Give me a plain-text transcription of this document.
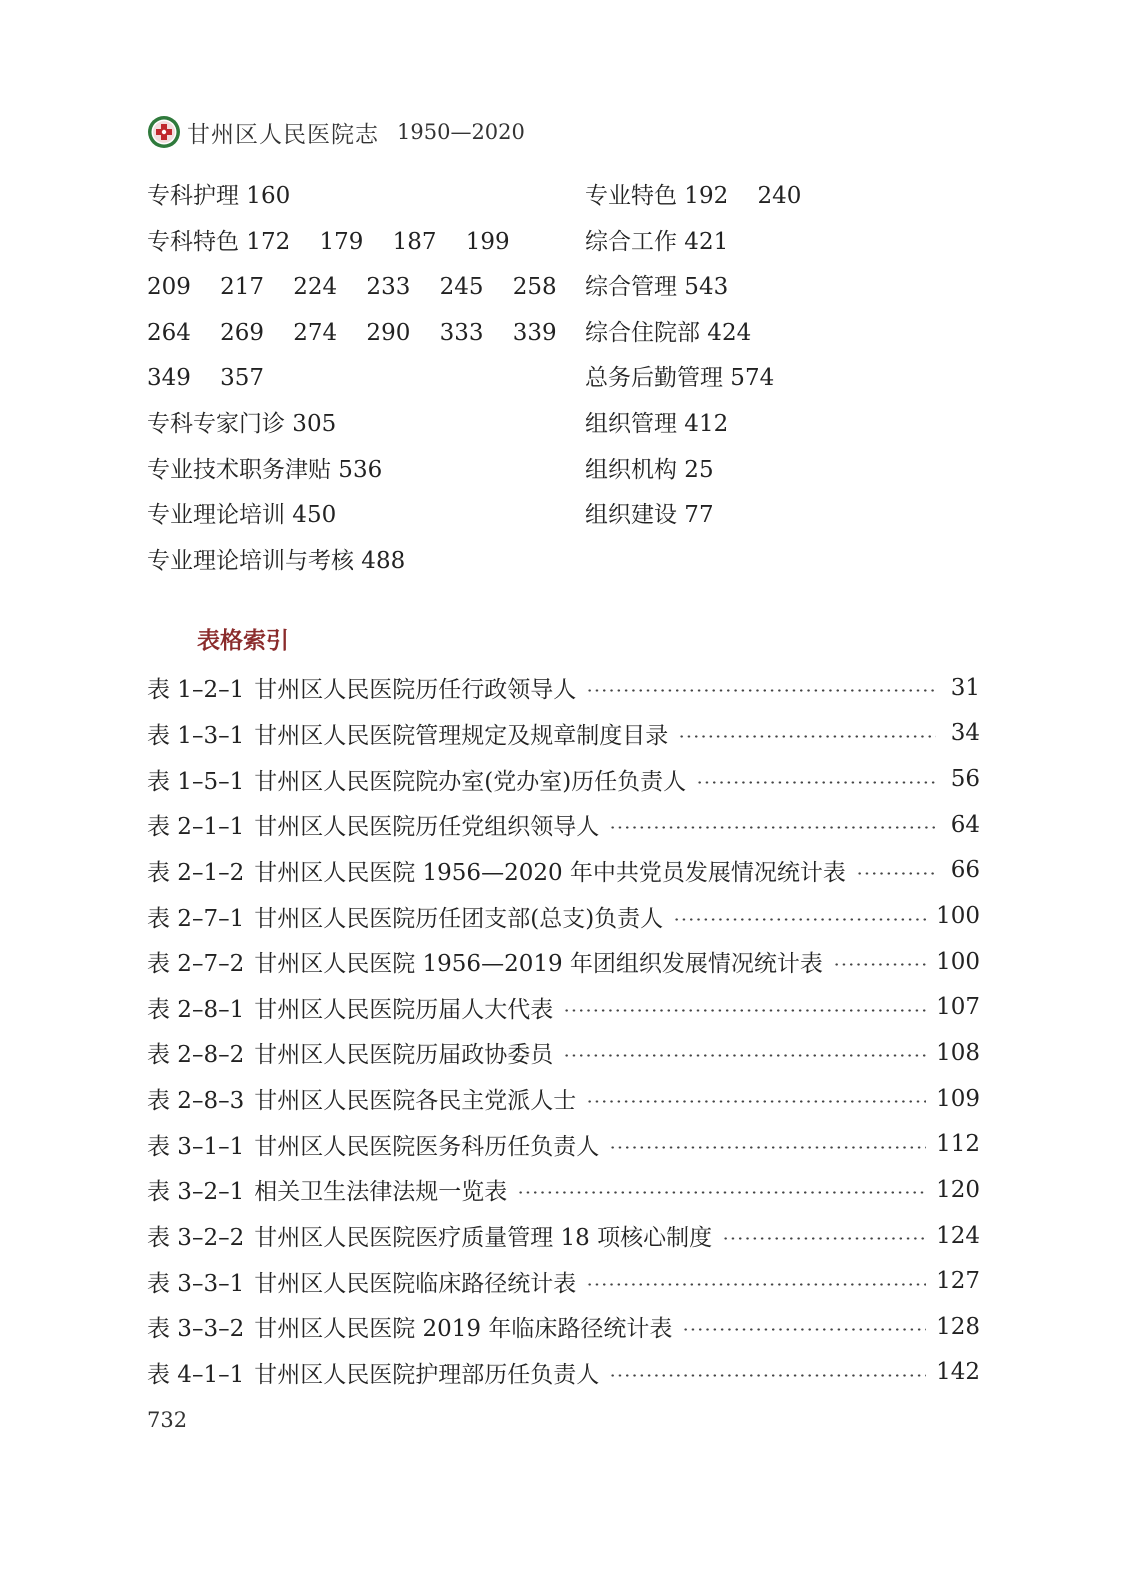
甘州区人民医院志 1950—2020
专科护理 160
专科特色 172    179    187    199
209    217    224    233    245    258
264    269    274    290    333    339
349    357
专科专家门诊 305
专业技术职务津贴 536
专业理论培训 450
专业理论培训与考核 488
专业特色 192    240
综合工作 421
综合管理 543
综合住院部 424
总务后勤管理 574
组织管理 412
组织机构 25
组织建设 77
表格索引
表 1–2–1 甘州区人民医院历任行政领导人	31
表 1–3–1 甘州区人民医院管理规定及规章制度目录	34
表 1–5–1 甘州区人民医院院办室(党办室)历任负责人	56
表 2–1–1 甘州区人民医院历任党组织领导人	64
表 2–1–2 甘州区人民医院 1956—2020 年中共党员发展情况统计表	66
表 2–7–1 甘州区人民医院历任团支部(总支)负责人	100
表 2–7–2 甘州区人民医院 1956—2019 年团组织发展情况统计表	100
表 2–8–1 甘州区人民医院历届人大代表	107
表 2–8–2 甘州区人民医院历届政协委员	108
表 2–8–3 甘州区人民医院各民主党派人士	109
表 3–1–1 甘州区人民医院医务科历任负责人	112
表 3–2–1 相关卫生法律法规一览表	120
表 3–2–2 甘州区人民医院医疗质量管理 18 项核心制度	124
表 3–3–1 甘州区人民医院临床路径统计表	127
表 3–3–2 甘州区人民医院 2019 年临床路径统计表	128
表 4–1–1 甘州区人民医院护理部历任负责人	142
732
